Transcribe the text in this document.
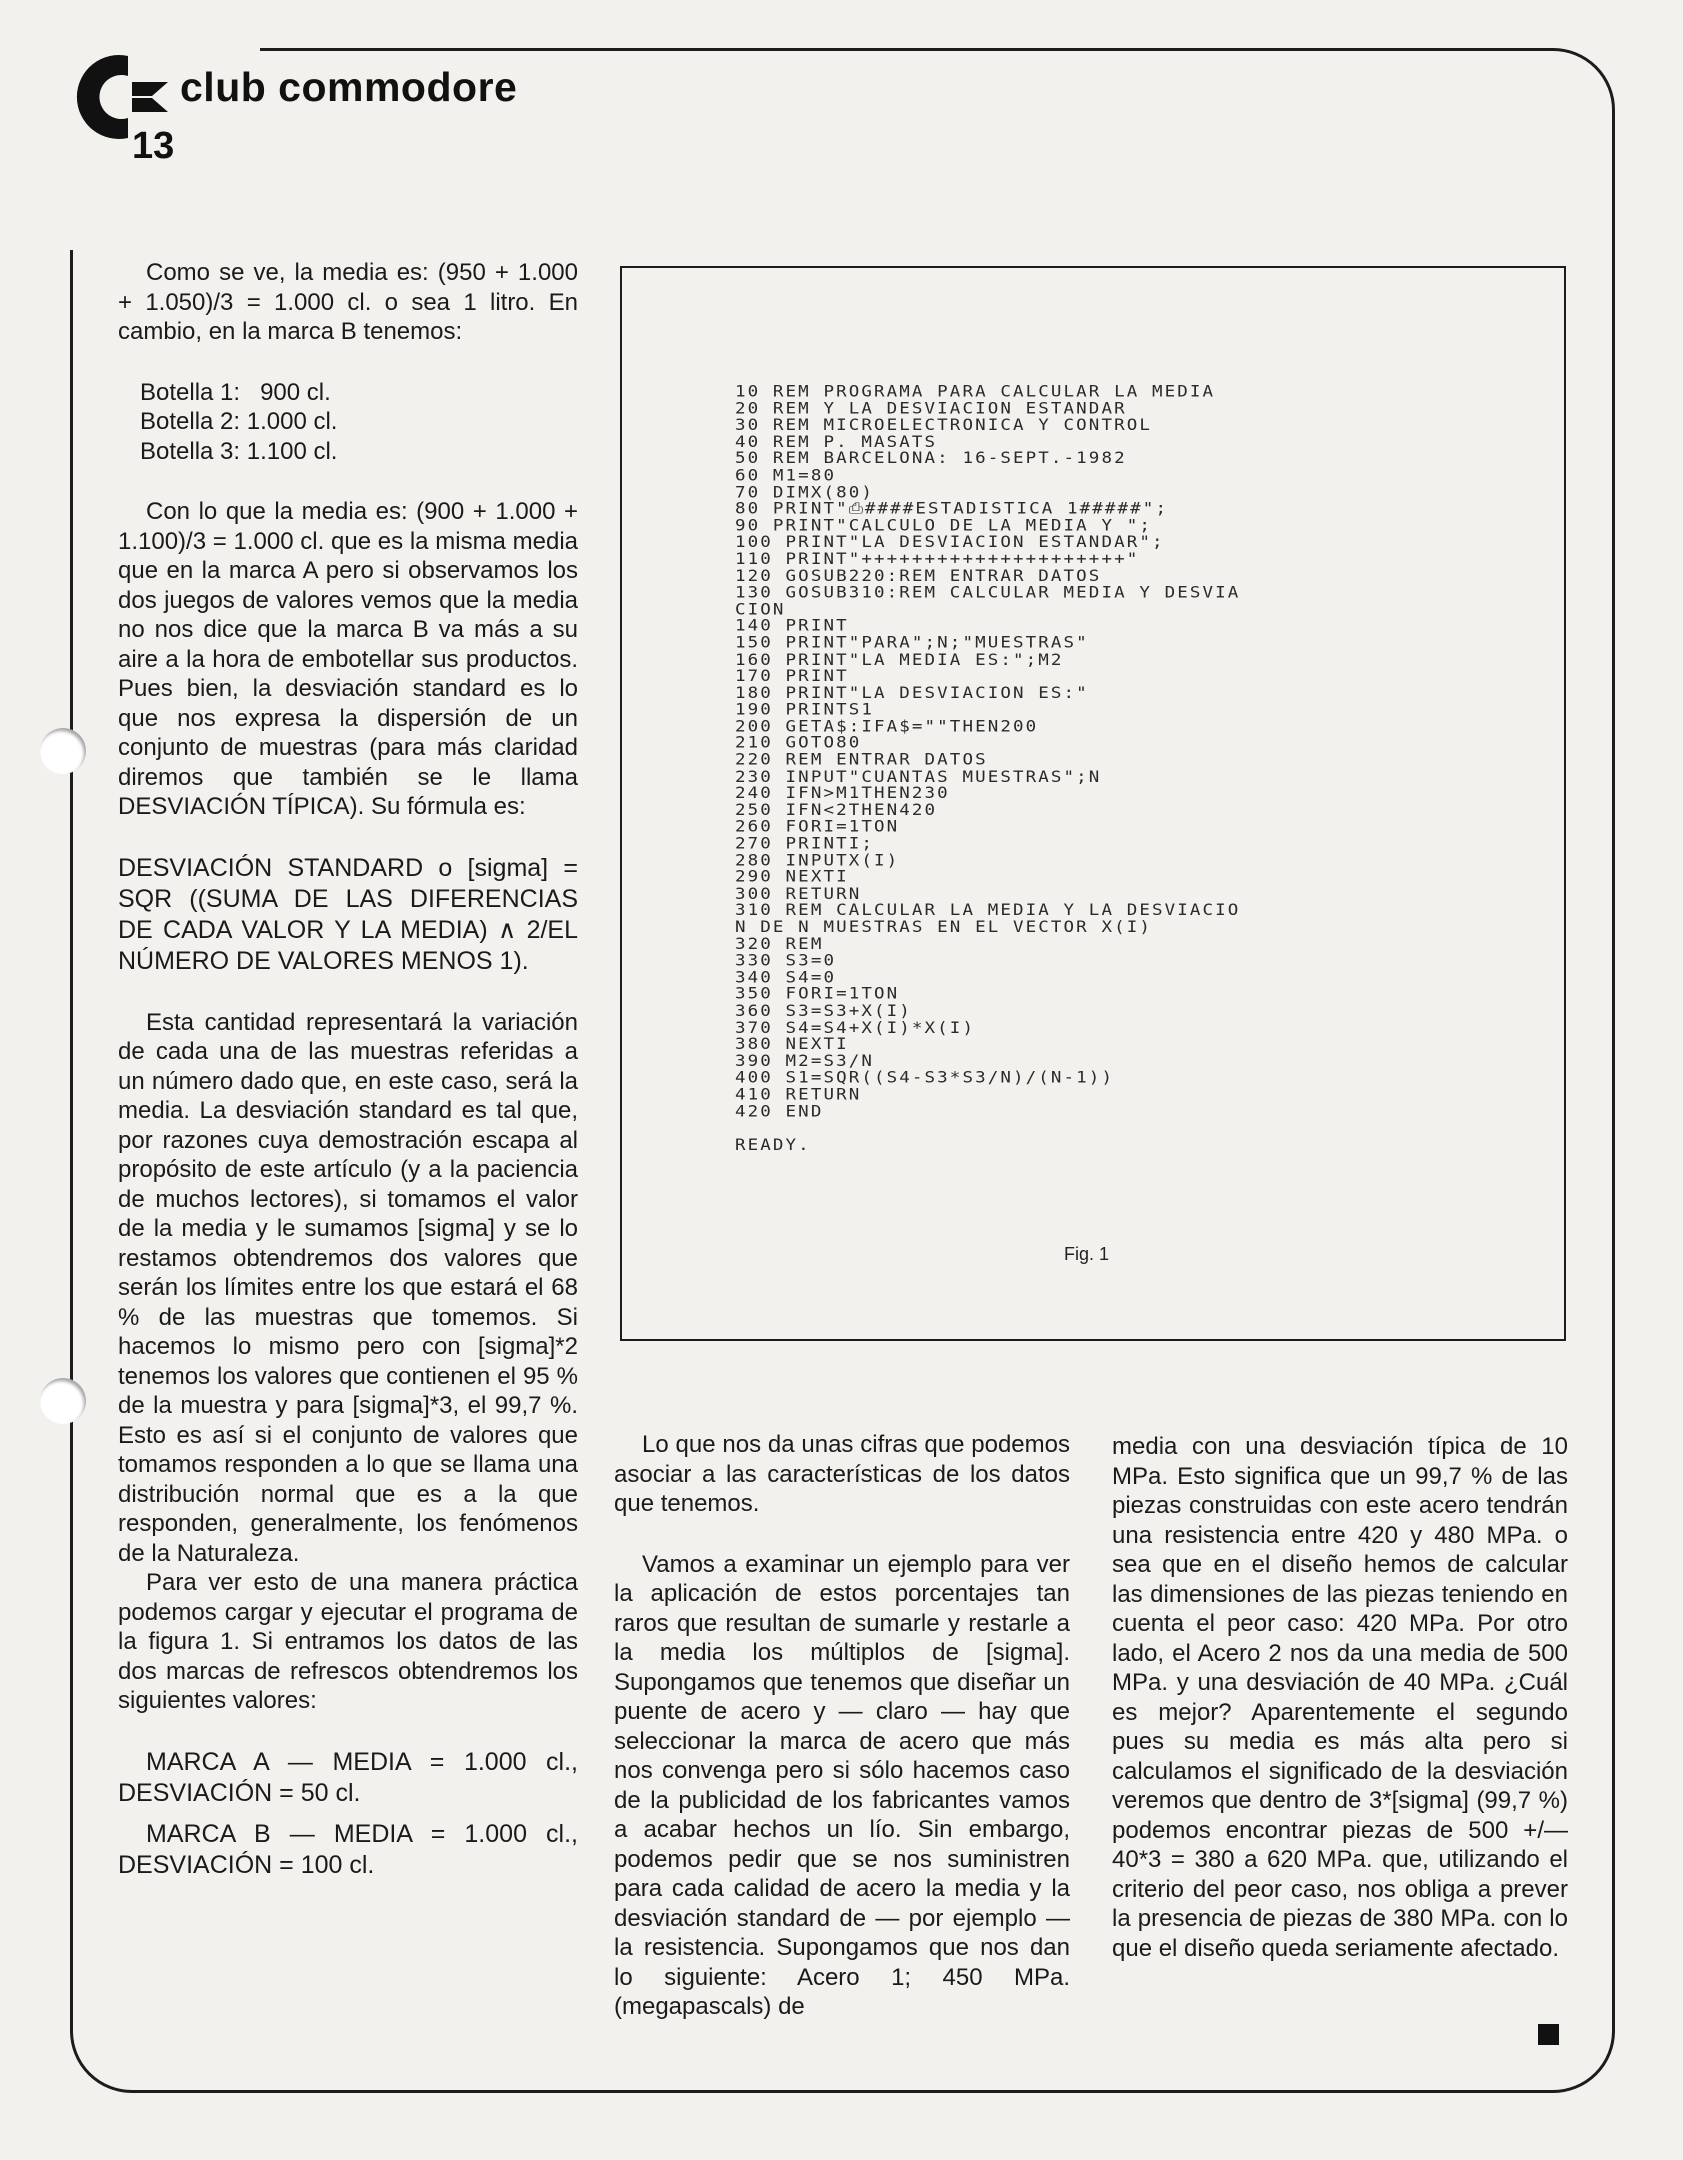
club commodore
13

Como se ve, la media es: (950 + 1.000 + 1.050)/3 = 1.000 cl. o sea 1 litro. En cambio, en la marca B tenemos:

Botella 1:   900 cl.
Botella 2: 1.000 cl.
Botella 3: 1.100 cl.

Con lo que la media es: (900 + 1.000 + 1.100)/3 = 1.000 cl. que es la misma media que en la marca A pero si observamos los dos juegos de valores vemos que la media no nos dice que la marca B va más a su aire a la hora de embotellar sus productos. Pues bien, la desviación standard es lo que nos expresa la dispersión de un conjunto de muestras (para más claridad diremos que también se le llama DESVIACIÓN TÍPICA). Su fórmula es:

DESVIACIÓN STANDARD o [sigma] = SQR ((SUMA DE LAS DIFERENCIAS DE CADA VALOR Y LA MEDIA) ∧ 2/EL NÚMERO DE VALORES MENOS 1).

Esta cantidad representará la variación de cada una de las muestras referidas a un número dado que, en este caso, será la media. La desviación standard es tal que, por razones cuya demostración escapa al propósito de este artículo (y a la paciencia de muchos lectores), si tomamos el valor de la media y le sumamos [sigma] y se lo restamos obtendremos dos valores que serán los límites entre los que estará el 68 % de las muestras que tomemos. Si hacemos lo mismo pero con [sigma]*2 tenemos los valores que contienen el 95 % de la muestra y para [sigma]*3, el 99,7 %. Esto es así si el conjunto de valores que tomamos responden a lo que se llama una distribución normal que es a la que responden, generalmente, los fenómenos de la Naturaleza.

Para ver esto de una manera práctica podemos cargar y ejecutar el programa de la figura 1. Si entramos los datos de las dos marcas de refrescos obtendremos los siguientes valores:

MARCA A — MEDIA = 1.000 cl., DESVIACIÓN = 50 cl.

MARCA B — MEDIA = 1.000 cl., DESVIACIÓN = 100 cl.

10 REM PROGRAMA PARA CALCULAR LA MEDIA
20 REM Y LA DESVIACION ESTANDAR
30 REM MICROELECTRONICA Y CONTROL
40 REM P. MASATS
50 REM BARCELONA: 16-SEPT.-1982
60 M1=80
70 DIMX(80)
80 PRINT"⎙####ESTADISTICA 1#####";
90 PRINT"CALCULO DE LA MEDIA Y ";
100 PRINT"LA DESVIACION ESTANDAR";
110 PRINT"+++++++++++++++++++++"
120 GOSUB220:REM ENTRAR DATOS
130 GOSUB310:REM CALCULAR MEDIA Y DESVIA
CION
140 PRINT
150 PRINT"PARA";N;"MUESTRAS"
160 PRINT"LA MEDIA ES:";M2
170 PRINT
180 PRINT"LA DESVIACION ES:"
190 PRINTS1
200 GETA$:IFA$=""THEN200
210 GOTO80
220 REM ENTRAR DATOS
230 INPUT"CUANTAS MUESTRAS";N
240 IFN>M1THEN230
250 IFN<2THEN420
260 FORI=1TON
270 PRINTI;
280 INPUTX(I)
290 NEXTI
300 RETURN
310 REM CALCULAR LA MEDIA Y LA DESVIACIO
N DE N MUESTRAS EN EL VECTOR X(I)
320 REM
330 S3=0
340 S4=0
350 FORI=1TON
360 S3=S3+X(I)
370 S4=S4+X(I)*X(I)
380 NEXTI
390 M2=S3/N
400 S1=SQR((S4-S3*S3/N)/(N-1))
410 RETURN
420 END
READY.
Fig. 1

Lo que nos da unas cifras que podemos asociar a las características de los datos que tenemos.

Vamos a examinar un ejemplo para ver la aplicación de estos porcentajes tan raros que resultan de sumarle y restarle a la media los múltiplos de [sigma]. Supongamos que tenemos que diseñar un puente de acero y — claro — hay que seleccionar la marca de acero que más nos convenga pero si sólo hacemos caso de la publicidad de los fabricantes vamos a acabar hechos un lío. Sin embargo, podemos pedir que se nos suministren para cada calidad de acero la media y la desviación standard de — por ejemplo — la resistencia. Supongamos que nos dan lo siguiente: Acero 1; 450 MPa. (megapascals) de

media con una desviación típica de 10 MPa. Esto significa que un 99,7 % de las piezas construidas con este acero tendrán una resistencia entre 420 y 480 MPa. o sea que en el diseño hemos de calcular las dimensiones de las piezas teniendo en cuenta el peor caso: 420 MPa. Por otro lado, el Acero 2 nos da una media de 500 MPa. y una desviación de 40 MPa. ¿Cuál es mejor? Aparentemente el segundo pues su media es más alta pero si calculamos el significado de la desviación veremos que dentro de 3*[sigma] (99,7 %) podemos encontrar piezas de 500 +/— 40*3 = 380 a 620 MPa. que, utilizando el criterio del peor caso, nos obliga a prever la presencia de piezas de 380 MPa. con lo que el diseño queda seriamente afectado.
